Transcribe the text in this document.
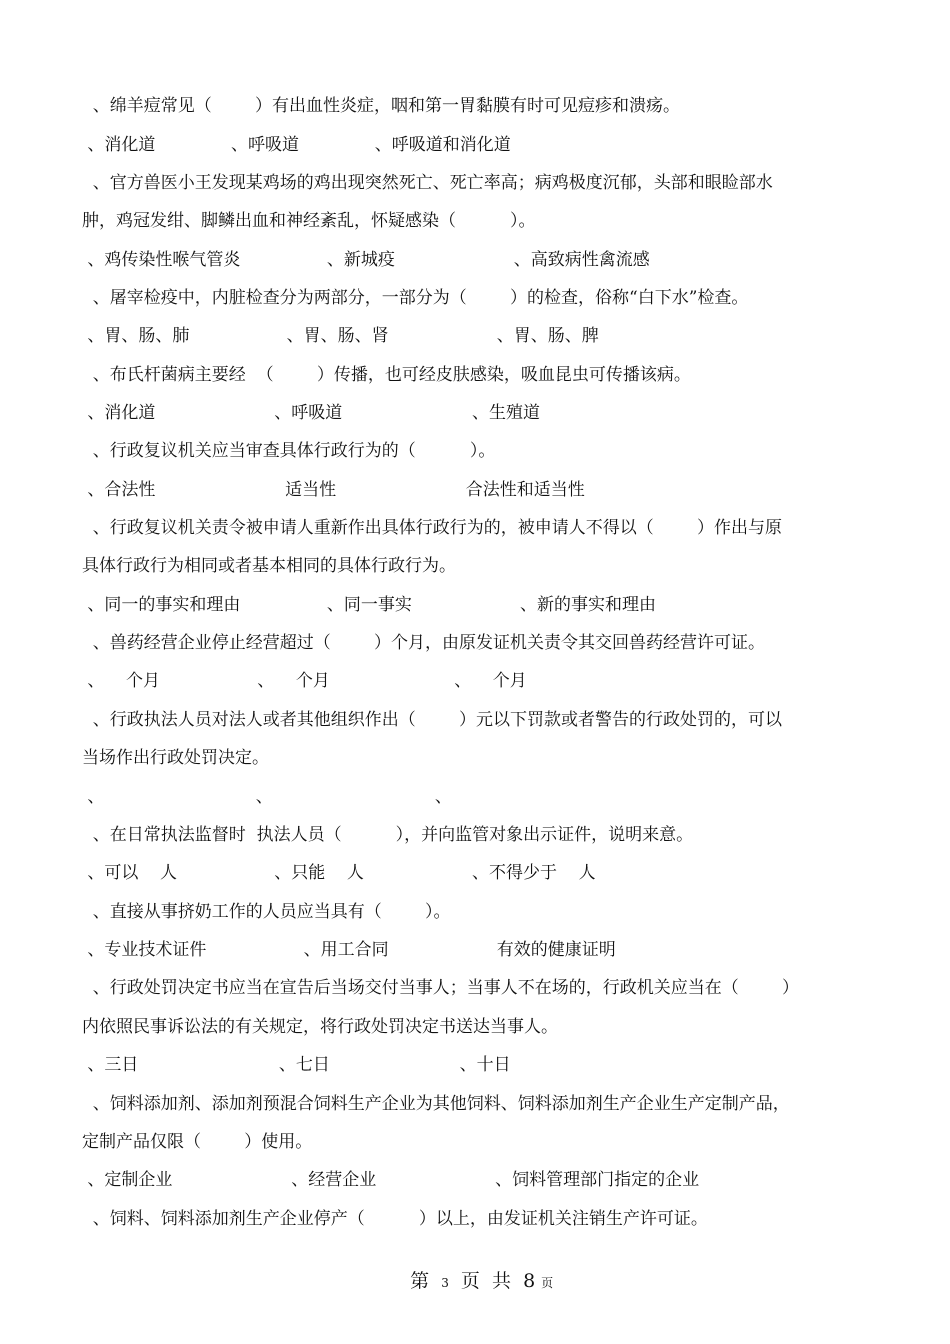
、绵羊痘常见（        ）有出血性炎症，咽和第一胃黏膜有时可见痘疹和溃疡。
、消化道              、呼吸道              、呼吸道和消化道
、官方兽医小王发现某鸡场的鸡出现突然死亡、死亡率高；病鸡极度沉郁，头部和眼睑部水
肿，鸡冠发绀、脚鳞出血和神经紊乱，怀疑感染（          ）。
、鸡传染性喉气管炎                、新城疫                      、高致病性禽流感
、屠宰检疫中，内脏检查分为两部分，一部分为（        ）的检查，俗称“白下水”检查。
、胃、肠、肺                  、胃、肠、肾                    、胃、肠、脾
、布氏杆菌病主要经  （        ）传播，也可经皮肤感染，吸血昆虫可传播该病。
、消化道                      、呼吸道                        、生殖道
、行政复议机关应当审查具体行政行为的（          ）。
、合法性                        适当性                        合法性和适当性
、行政复议机关责令被申请人重新作出具体行政行为的，被申请人不得以（        ）作出与原
具体行政行为相同或者基本相同的具体行政行为。
、同一的事实和理由                、同一事实                    、新的事实和理由
、兽药经营企业停止经营超过（        ）个月，由原发证机关责令其交回兽药经营许可证。
、    个月                  、    个月                       、    个月
、行政执法人员对法人或者其他组织作出（        ）元以下罚款或者警告的行政处罚的，可以
当场作出行政处罚决定。
、                            、                              、
、在日常执法监督时  执法人员（          ），并向监管对象出示证件，说明来意。
、可以    人                  、只能    人                    、不得少于    人
、直接从事挤奶工作的人员应当具有（        ）。
、专业技术证件                  、用工合同                    有效的健康证明
、行政处罚决定书应当在宣告后当场交付当事人；当事人不在场的，行政机关应当在（        ）
内依照民事诉讼法的有关规定，将行政处罚决定书送达当事人。
、三日                          、七日                        、十日
、饲料添加剂、添加剂预混合饲料生产企业为其他饲料、饲料添加剂生产企业生产定制产品，
定制产品仅限（        ）使用。
、定制企业                      、经营企业                      、饲料管理部门指定的企业
、饲料、饲料添加剂生产企业停产（          ）以上，由发证机关注销生产许可证。

第  3  页  共  8 页
